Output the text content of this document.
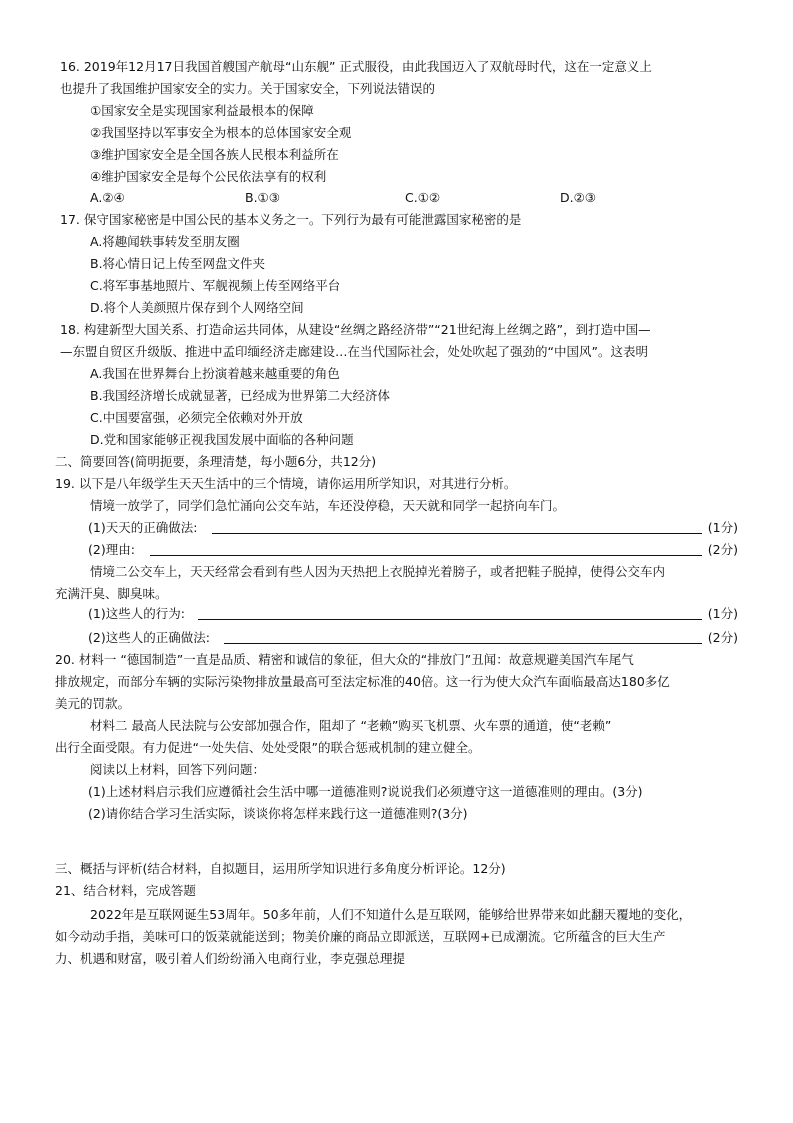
16. 2019年12月17日我国首艘国产航母“山东舰” 正式服役，由此我国迈入了双航母时代，这在一定意义上
也提升了我国维护国家安全的实力。关于国家安全，下列说法错误的
①国家安全是实现国家利益最根本的保障
②我国坚持以军事安全为根本的总体国家安全观
③维护国家安全是全国各族人民根本利益所在
④维护国家安全是每个公民依法享有的权利
A.②④	B.①③	C.①②	D.②③
17. 保守国家秘密是中国公民的基本义务之一。下列行为最有可能泄露国家秘密的是
A.将趣闻轶事转发至朋友圈
B.将心情日记上传至网盘文件夹
C.将军事基地照片、军舰视频上传至网络平台
D.将个人美颜照片保存到个人网络空间
18. 构建新型大国关系、打造命运共同体，从建设“丝绸之路经济带”“21世纪海上丝绸之路”，到打造中国—
—东盟自贸区升级版、推进中孟印缅经济走廊建设…在当代国际社会，处处吹起了强劲的“中国风”。这表明
A.我国在世界舞台上扮演着越来越重要的角色
B.我国经济增长成就显著，已经成为世界第二大经济体
C.中国要富强，必须完全依赖对外开放
D.党和国家能够正视我国发展中面临的各种问题
二、简要回答(简明扼要，条理清楚，每小题6分，共12分)
19. 以下是八年级学生天天生活中的三个情境，请你运用所学知识，对其进行分析。
情境一放学了，同学们急忙涌向公交车站，车还没停稳，天天就和同学一起挤向车门。
(1)天天的正确做法:	(1分)
(2)理由:	(2分)
情境二公交车上，天天经常会看到有些人因为天热把上衣脱掉光着膀子，或者把鞋子脱掉，使得公交车内
充满汗臭、脚臭味。
(1)这些人的行为:	(1分)
(2)这些人的正确做法:	(2分)
20. 材料一 “德国制造”一直是品质、精密和诚信的象征，但大众的“排放门”丑闻：故意规避美国汽车尾气
排放规定，而部分车辆的实际污染物排放量最高可至法定标准的40倍。这一行为使大众汽车面临最高达180多亿
美元的罚款。
材料二 最高人民法院与公安部加强合作，阻却了 “老赖”购买飞机票、火车票的通道，使“老赖”
出行全面受限。有力促进“一处失信、处处受限”的联合惩戒机制的建立健全。
阅读以上材料，回答下列问题：
(1)上述材料启示我们应遵循社会生活中哪一道德准则?说说我们必须遵守这一道德准则的理由。(3分)
(2)请你结合学习生活实际，谈谈你将怎样来践行这一道德准则?(3分)
三、概括与评析(结合材料，自拟题目，运用所学知识进行多角度分析评论。12分)
21、结合材料，完成答题
2022年是互联网诞生53周年。50多年前，人们不知道什么是互联网，能够给世界带来如此翻天覆地的变化，
如今动动手指，美味可口的饭菜就能送到；物美价廉的商品立即派送，互联网+已成潮流。它所蕴含的巨大生产
力、机遇和财富，吸引着人们纷纷涌入电商行业，李克强总理提
